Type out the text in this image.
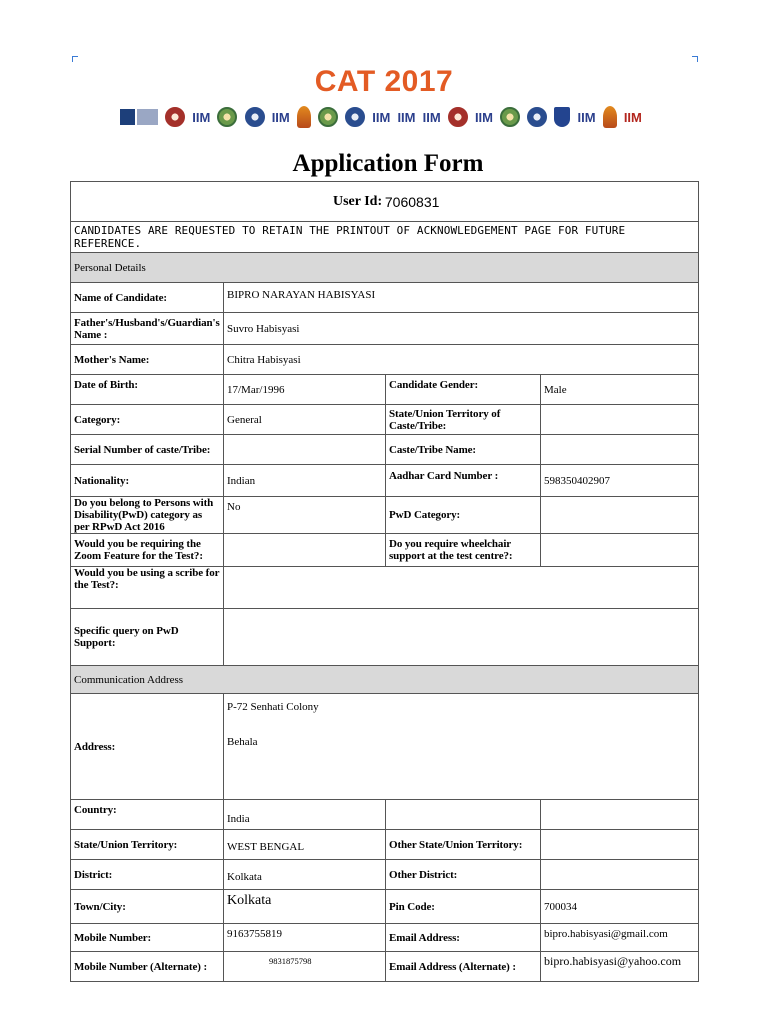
CAT 2017
IIM	IIM	IIM IIM IIM	IIM	IIM IIM
Application Form
User Id: 7060831			
CANDIDATES ARE REQUESTED TO RETAIN THE PRINTOUT OF ACKNOWLEDGEMENT PAGE FOR FUTURE REFERENCE.			
Personal Details			
Name of Candidate:	BIPRO NARAYAN HABISYASI		
Father's/Husband's/Guardian's Name :	Suvro Habisyasi		
Mother's Name:	Chitra Habisyasi		
Date of Birth:	17/Mar/1996	Candidate Gender:	Male
Category:	General	State/Union Territory of Caste/Tribe:	
Serial Number of caste/Tribe:		Caste/Tribe Name:	
Nationality:	Indian	Aadhar Card Number :	598350402907
Do you belong to Persons with Disability(PwD) category as per RPwD Act 2016	No	PwD Category:	
Would you be requiring the Zoom Feature for the Test?:		Do you require wheelchair support at the test centre?:	
Would you be using a scribe for the Test?:			
Specific query on PwD Support:			
Communication Address			
Address:	P-72 Senhati Colony
Behala		

Country:	India		
State/Union Territory:	WEST BENGAL	Other State/Union Territory:	
District:	Kolkata	Other District:	
Town/City:	Kolkata	Pin Code:	700034
Mobile Number:	9163755819	Email Address:	bipro.habisyasi@gmail.com
Mobile Number (Alternate) :	9831875798	Email Address (Alternate) :	bipro.habisyasi@yahoo.com
